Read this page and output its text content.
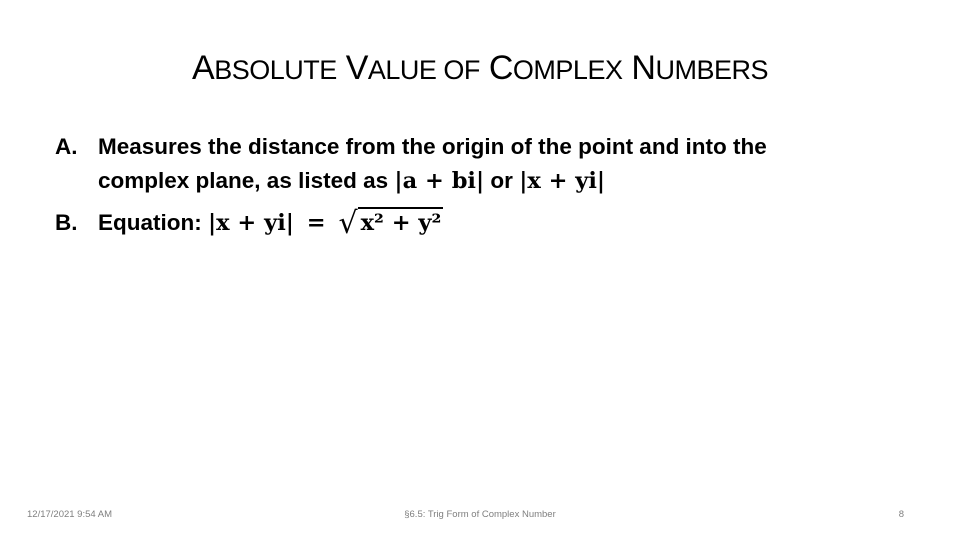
ABSOLUTE VALUE OF COMPLEX NUMBERS
A. Measures the distance from the origin of the point and into the
complex plane, as listed as |a + bi| or |x + yi|
B. Equation: |x + yi| = √ x² + y²
12/17/2021 9:54 AM	§6.5: Trig Form of Complex Number	8
